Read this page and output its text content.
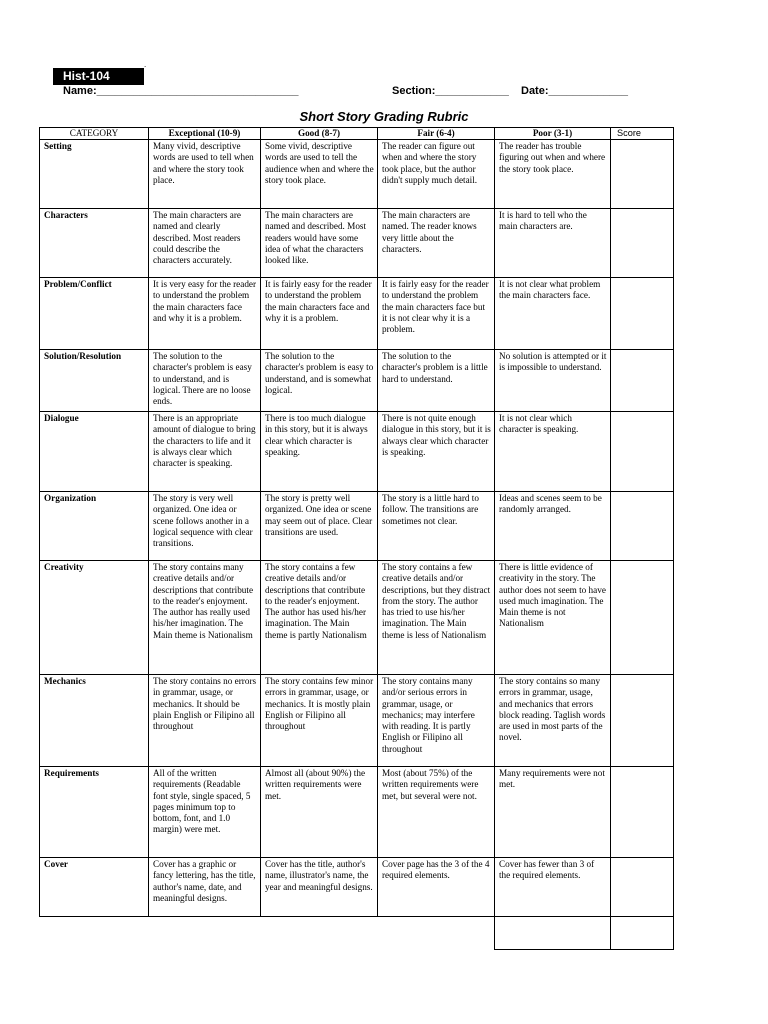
Hist-104
.
Name:_________________________________	Section:____________ Date:_____________
Short Story Grading Rubric
CATEGORY	Exceptional (10-9)	Good (8-7)	Fair (6-4)	Poor (3-1)	Score
Setting	Many vivid, descriptive words are used to tell when and where the story took place.	Some vivid, descriptive words are used to tell the audience when and where the story took place.	The reader can figure out when and where the story took place, but the author didn't supply much detail.	The reader has trouble figuring out when and where the story took place.	
Characters	The main characters are named and clearly described. Most readers could describe the characters accurately.	The main characters are named and described. Most readers would have some idea of what the characters looked like.	The main characters are named. The reader knows very little about the characters.	It is hard to tell who the main characters are.	
Problem/Conflict	It is very easy for the reader to understand the problem the main characters face and why it is a problem.	It is fairly easy for the reader to understand the problem the main characters face and why it is a problem.	It is fairly easy for the reader to understand the problem the main characters face but it is not clear why it is a problem.	It is not clear what problem the main characters face.	
Solution/Resolution	The solution to the character's problem is easy to understand, and is logical. There are no loose ends.	The solution to the character's problem is easy to understand, and is somewhat logical.	The solution to the character's problem is a little hard to understand.	No solution is attempted or it is impossible to understand.	
Dialogue	There is an appropriate amount of dialogue to bring the characters to life and it is always clear which character is speaking.	There is too much dialogue in this story, but it is always clear which character is speaking.	There is not quite enough dialogue in this story, but it is always clear which character is speaking.	It is not clear which character is speaking.	
Organization	The story is very well organized. One idea or scene follows another in a logical sequence with clear transitions.	The story is pretty well organized. One idea or scene may seem out of place. Clear transitions are used.	The story is a little hard to follow. The transitions are sometimes not clear.	Ideas and scenes seem to be randomly arranged.	
Creativity	The story contains many creative details and/or descriptions that contribute to the reader's enjoyment. The author has really used his/her imagination. The Main theme is Nationalism	The story contains a few creative details and/or descriptions that contribute to the reader's enjoyment. The author has used his/her imagination. The Main theme is partly Nationalism	The story contains a few creative details and/or descriptions, but they distract from the story. The author has tried to use his/her imagination. The Main theme is less of Nationalism	There is little evidence of creativity in the story. The author does not seem to have used much imagination. The Main theme is not Nationalism	
Mechanics	The story contains no errors in grammar, usage, or mechanics. It should be plain English or Filipino all throughout	The story contains few minor errors in grammar, usage, or mechanics. It is mostly plain English or Filipino all throughout	The story contains many and/or serious errors in grammar, usage, or mechanics; may interfere with reading. It is partly English or Filipino all throughout	The story contains so many errors in grammar, usage, and mechanics that errors block reading. Taglish words are used in most parts of the novel.	
Requirements	All of the written requirements (Readable font style, single spaced, 5 pages minimum top to bottom, font, and 1.0 margin) were met.	Almost all (about 90%) the written requirements were met.	Most (about 75%) of the written requirements were met, but several were not.	Many requirements were not met.	
Cover	Cover has a graphic or fancy lettering, has the title, author's name, date, and meaningful designs.	Cover has the title, author's name, illustrator's name, the year and meaningful designs.	Cover page has the 3 of the 4 required elements.	Cover has fewer than 3 of the required elements.	
